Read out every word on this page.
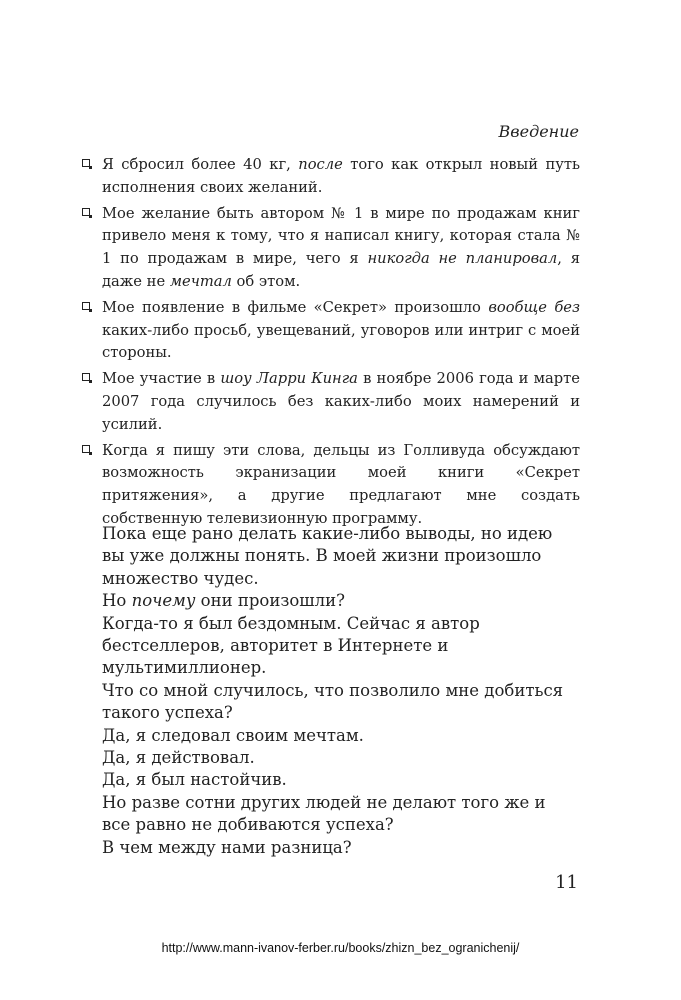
Введение
Я сбросил более 40 кг, после того как открыл новый путь исполнения своих желаний.
Мое желание быть автором № 1 в мире по продажам книг привело меня к тому, что я написал книгу, которая стала № 1 по продажам в мире, чего я никогда не планировал, я даже не мечтал об этом.
Мое появление в фильме «Секрет» произошло вообще без каких-либо просьб, увещеваний, уговоров или интриг с моей стороны.
Мое участие в шоу Ларри Кинга в ноябре 2006 года и марте 2007 года случилось без каких-либо моих намерений и усилий.
Когда я пишу эти слова, дельцы из Голливуда обсуждают возможность экранизации моей книги «Секрет притяжения», а другие предлагают мне создать собственную телевизионную программу.

Пока еще рано делать какие-либо выводы, но идею вы уже должны понять. В моей жизни произошло множество чудес.

Но почему они произошли?

Когда-то я был бездомным. Сейчас я автор бестселлеров, авторитет в Интернете и мультимиллионер.

Что со мной случилось, что позволило мне добиться такого успеха?

Да, я следовал своим мечтам.

Да, я действовал.

Да, я был настойчив.

Но разве сотни других людей не делают того же и все равно не добиваются успеха?

В чем между нами разница?

11
http://www.mann-ivanov-ferber.ru/books/zhizn_bez_ogranichenij/
